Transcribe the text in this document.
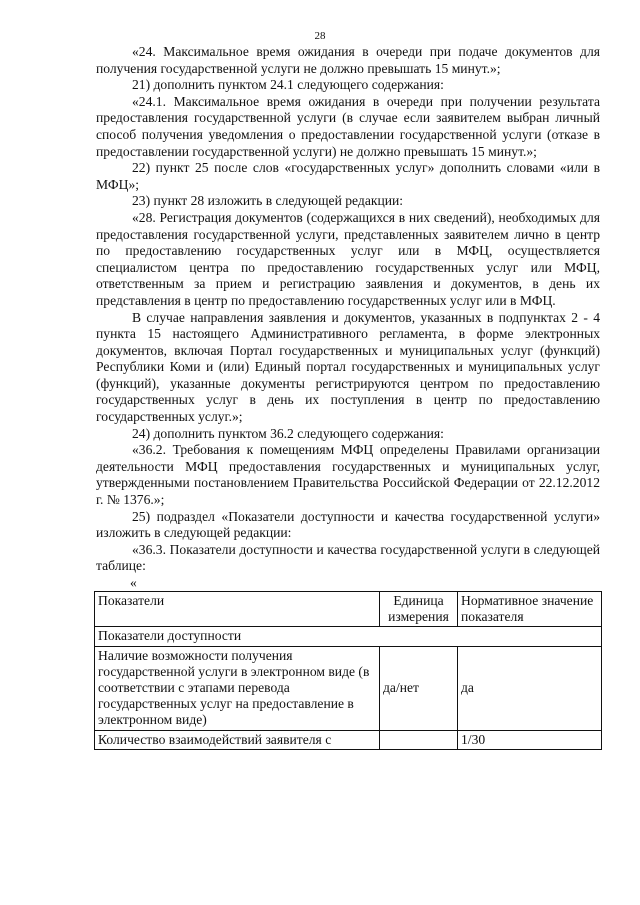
28

«24. Максимальное время ожидания в очереди при подаче документов для получения государственной услуги не должно превышать 15 минут.»;

21) дополнить пунктом 24.1 следующего содержания:

«24.1. Максимальное время ожидания в очереди при получении результата предоставления государственной услуги (в случае если заявителем выбран личный способ получения уведомления о предоставлении государственной услуги (отказе в предоставлении государственной услуги) не должно превышать 15 минут.»;

22) пункт 25 после слов «государственных услуг» дополнить словами «или в МФЦ»;

23) пункт 28 изложить в следующей редакции:

«28. Регистрация документов (содержащихся в них сведений), необходимых для предоставления государственной услуги, представленных заявителем лично в центр по предоставлению государственных услуг или в МФЦ, осуществляется специалистом центра по предоставлению государственных услуг или МФЦ, ответственным за прием и регистрацию заявления и документов, в день их представления в центр по предоставлению государственных услуг или в МФЦ.

В случае направления заявления и документов, указанных в подпунктах 2 - 4 пункта 15 настоящего Административного регламента, в форме электронных документов, включая Портал государственных и муниципальных услуг (функций) Республики Коми и (или) Единый портал государственных и муниципальных услуг (функций), указанные документы регистрируются центром по предоставлению государственных услуг в день их поступления в центр по предоставлению государственных услуг.»;

24) дополнить пунктом 36.2 следующего содержания:

«36.2. Требования к помещениям МФЦ определены Правилами организации деятельности МФЦ предоставления государственных и муниципальных услуг, утвержденными постановлением Правительства Российской Федерации от 22.12.2012 г. № 1376.»;

25) подраздел «Показатели доступности и качества государственной услуги» изложить в следующей редакции:

«36.3. Показатели доступности и качества государственной услуги в следующей таблице:

«

Показатели	Единица измерения	Нормативное значение показателя
Показатели доступности		
Наличие возможности получения государственной услуги в электронном виде (в соответствии с этапами перевода государственных услуг на предоставление в электронном виде)	да/нет	да
Количество взаимодействий заявителя с		1/30
